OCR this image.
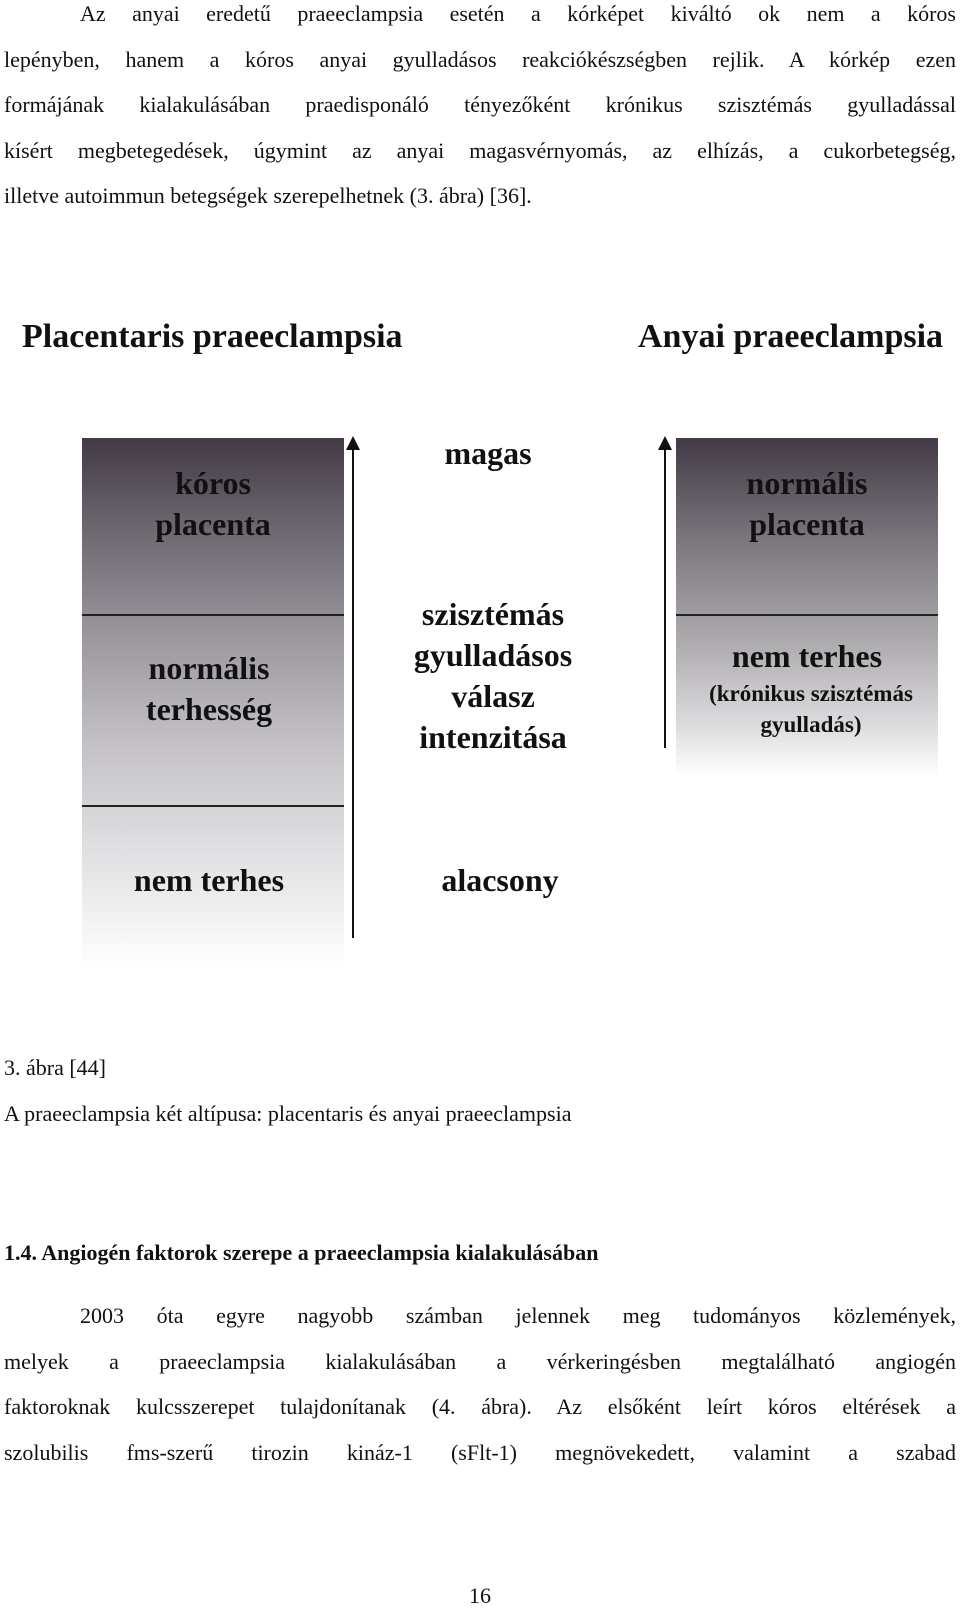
Az anyai eredetű praeeclampsia esetén a kórképet kiváltó ok nem a kóros
lepényben, hanem a kóros anyai gyulladásos reakciókészségben rejlik. A kórkép ezen
formájának kialakulásában praedisponáló tényezőként krónikus szisztémás gyulladással
kísért megbetegedések, úgymint az anyai magasvérnyomás, az elhízás, a cukorbetegség,
illetve autoimmun betegségek szerepelhetnek (3. ábra) [36].

Placentaris praeeclampsia	Anyai praeeclampsia

kóros
placenta
normális
terhesség
nem terhes
magas
szisztémás
gyulladásos
válasz
intenzitása
alacsony
normális
placenta
nem terhes
(krónikus szisztémás
gyulladás)

3. ábra [44]

A praeeclampsia két altípusa: placentaris és anyai praeeclampsia

1.4. Angiogén faktorok szerepe a praeeclampsia kialakulásában

2003 óta egyre nagyobb számban jelennek meg tudományos közlemények,
melyek a praeeclampsia kialakulásában a vérkeringésben megtalálható angiogén
faktoroknak kulcsszerepet tulajdonítanak (4. ábra). Az elsőként leírt kóros eltérések a
szolubilis fms-szerű tirozin kináz-1 (sFlt-1) megnövekedett, valamint a szabad

16
